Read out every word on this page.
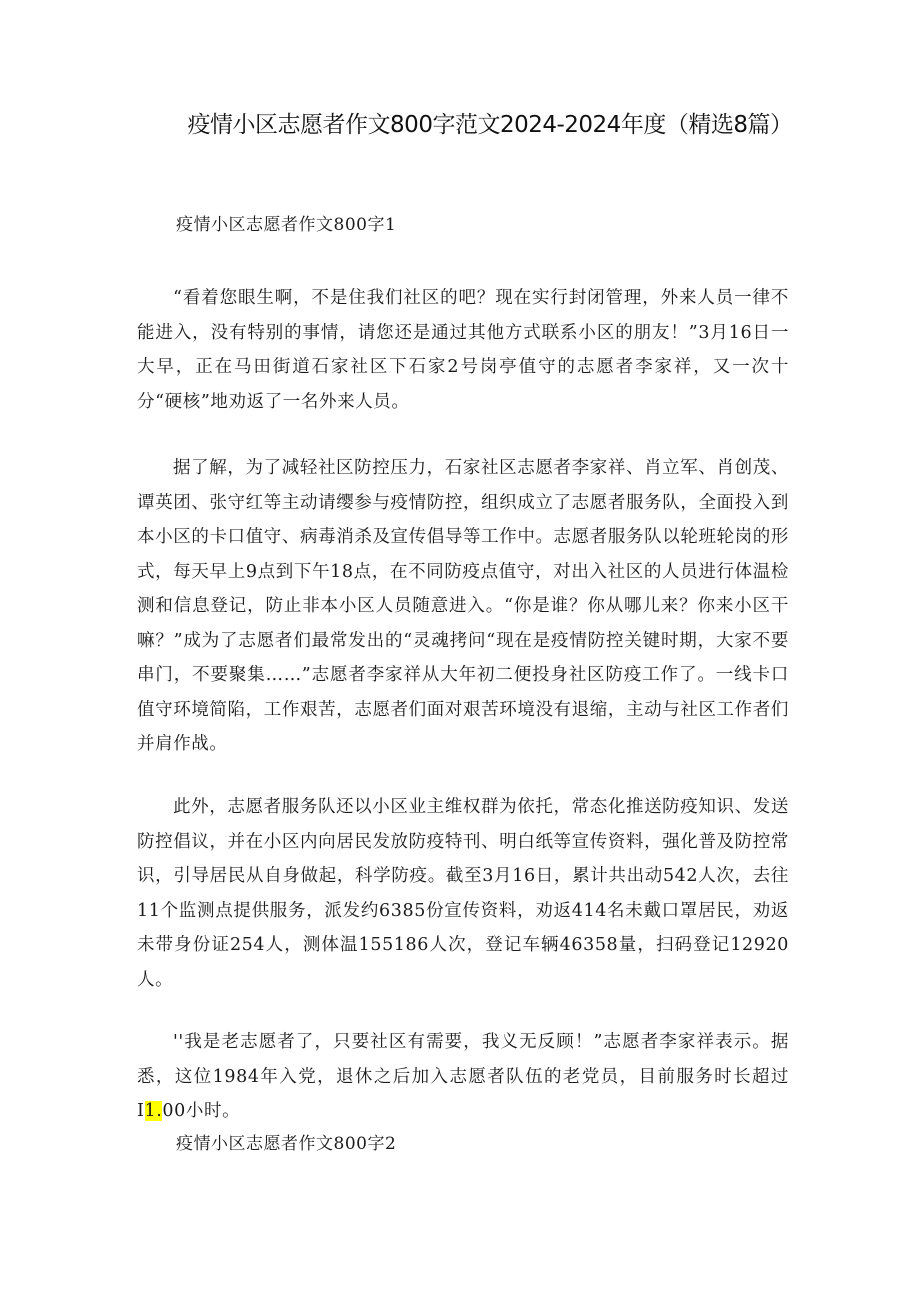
疫情小区志愿者作文800字范文2024-2024年度（精选8篇）
疫情小区志愿者作文800字1

“看着您眼生啊，不是住我们社区的吧？现在实行封闭管理，外来人员一律不能进入，没有特别的事情，请您还是通过其他方式联系小区的朋友！”3月16日一大早，正在马田街道石家社区下石家2号岗亭值守的志愿者李家祥，又一次十分“硬核”地劝返了一名外来人员。

据了解，为了减轻社区防控压力，石家社区志愿者李家祥、肖立军、肖创茂、谭英团、张守红等主动请缨参与疫情防控，组织成立了志愿者服务队，全面投入到本小区的卡口值守、病毒消杀及宣传倡导等工作中。志愿者服务队以轮班轮岗的形式，每天早上9点到下午18点，在不同防疫点值守，对出入社区的人员进行体温检测和信息登记，防止非本小区人员随意进入。“你是谁？你从哪儿来？你来小区干嘛？”成为了志愿者们最常发出的“灵魂拷问“现在是疫情防控关键时期，大家不要串门，不要聚集……”志愿者李家祥从大年初二便投身社区防疫工作了。一线卡口值守环境简陷，工作艰苦，志愿者们面对艰苦环境没有退缩，主动与社区工作者们并肩作战。

此外，志愿者服务队还以小区业主维权群为依托，常态化推送防疫知识、发送防控倡议，并在小区内向居民发放防疫特刊、明白纸等宣传资料，强化普及防控常识，引导居民从自身做起，科学防疫。截至3月16日，累计共出动542人次，去往11个监测点提供服务，派发约6385份宣传资料，劝返414名未戴口罩居民，劝返未带身份证254人，测体温155186人次，登记车辆46358量，扫码登记12920人。

''我是老志愿者了，只要社区有需要，我义无反顾！”志愿者李家祥表示。据悉，这位1984年入党，退休之后加入志愿者队伍的老党员，目前服务时长超过I1.00小时。

疫情小区志愿者作文800字2
